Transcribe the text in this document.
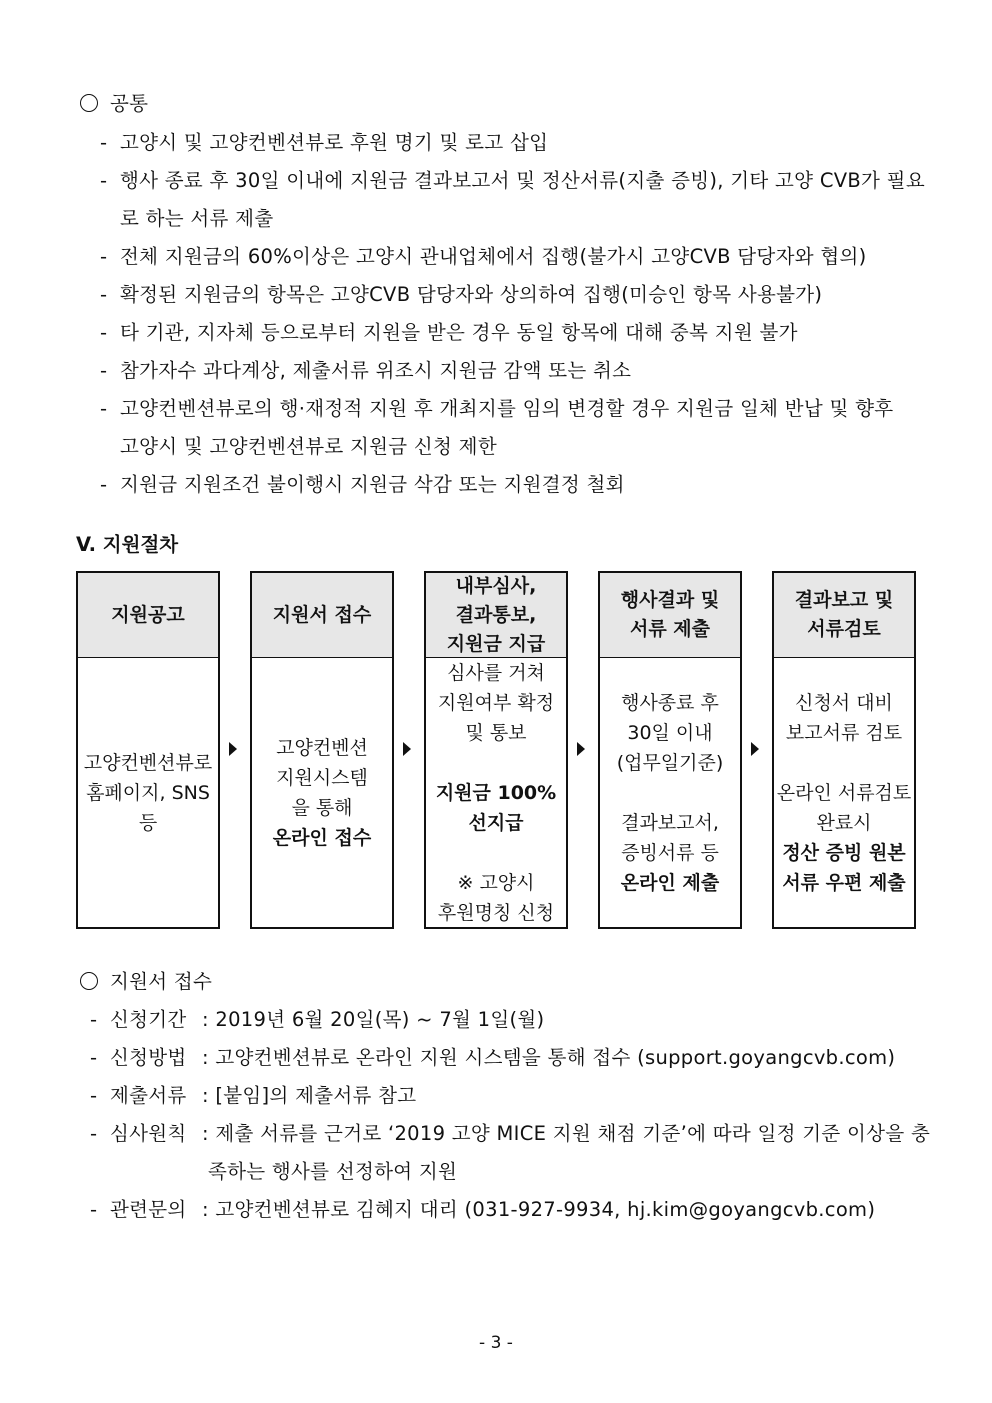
공통
- 고양시 및 고양컨벤션뷰로 후원 명기 및 로고 삽입
- 행사 종료 후 30일 이내에 지원금 결과보고서 및 정산서류(지출 증빙), 기타 고양 CVB가 필요
로 하는 서류 제출
- 전체 지원금의 60%이상은 고양시 관내업체에서 집행(불가시 고양CVB 담당자와 협의)
- 확정된 지원금의 항목은 고양CVB 담당자와 상의하여 집행(미승인 항목 사용불가)
- 타 기관, 지자체 등으로부터 지원을 받은 경우 동일 항목에 대해 중복 지원 불가
- 참가자수 과다계상, 제출서류 위조시 지원금 감액 또는 취소
- 고양컨벤션뷰로의 행·재정적 지원 후 개최지를 임의 변경할 경우 지원금 일체 반납 및 향후
고양시 및 고양컨벤션뷰로 지원금 신청 제한
- 지원금 지원조건 불이행시 지원금 삭감 또는 지원결정 철회
V. 지원절차
지원공고
고양컨벤션뷰로
홈페이지, SNS
등
지원서 접수
고양컨벤션
지원시스템
을 통해
온라인 접수
내부심사,
결과통보,
지원금 지급
심사를 거쳐
지원여부 확정
및 통보
지원금 100%
선지급
※ 고양시
후원명칭 신청
행사결과 및
서류 제출
행사종료 후
30일 이내
(업무일기준)
결과보고서,
증빙서류 등
온라인 제출
결과보고 및
서류검토
신청서 대비
보고서류 검토
온라인 서류검토
완료시
정산 증빙 원본
서류 우편 제출
지원서 접수
- 신청기간 : 2019년 6월 20일(목) ~ 7월 1일(월)
- 신청방법 : 고양컨벤션뷰로 온라인 지원 시스템을 통해 접수 (support.goyangcvb.com)
- 제출서류 : [붙임]의 제출서류 참고
- 심사원칙 : 제출 서류를 근거로 ‘2019 고양 MICE 지원 채점 기준’에 따라 일정 기준 이상을 충
족하는 행사를 선정하여 지원
- 관련문의 : 고양컨벤션뷰로 김혜지 대리 (031-927-9934, hj.kim@goyangcvb.com)
- 3 -
